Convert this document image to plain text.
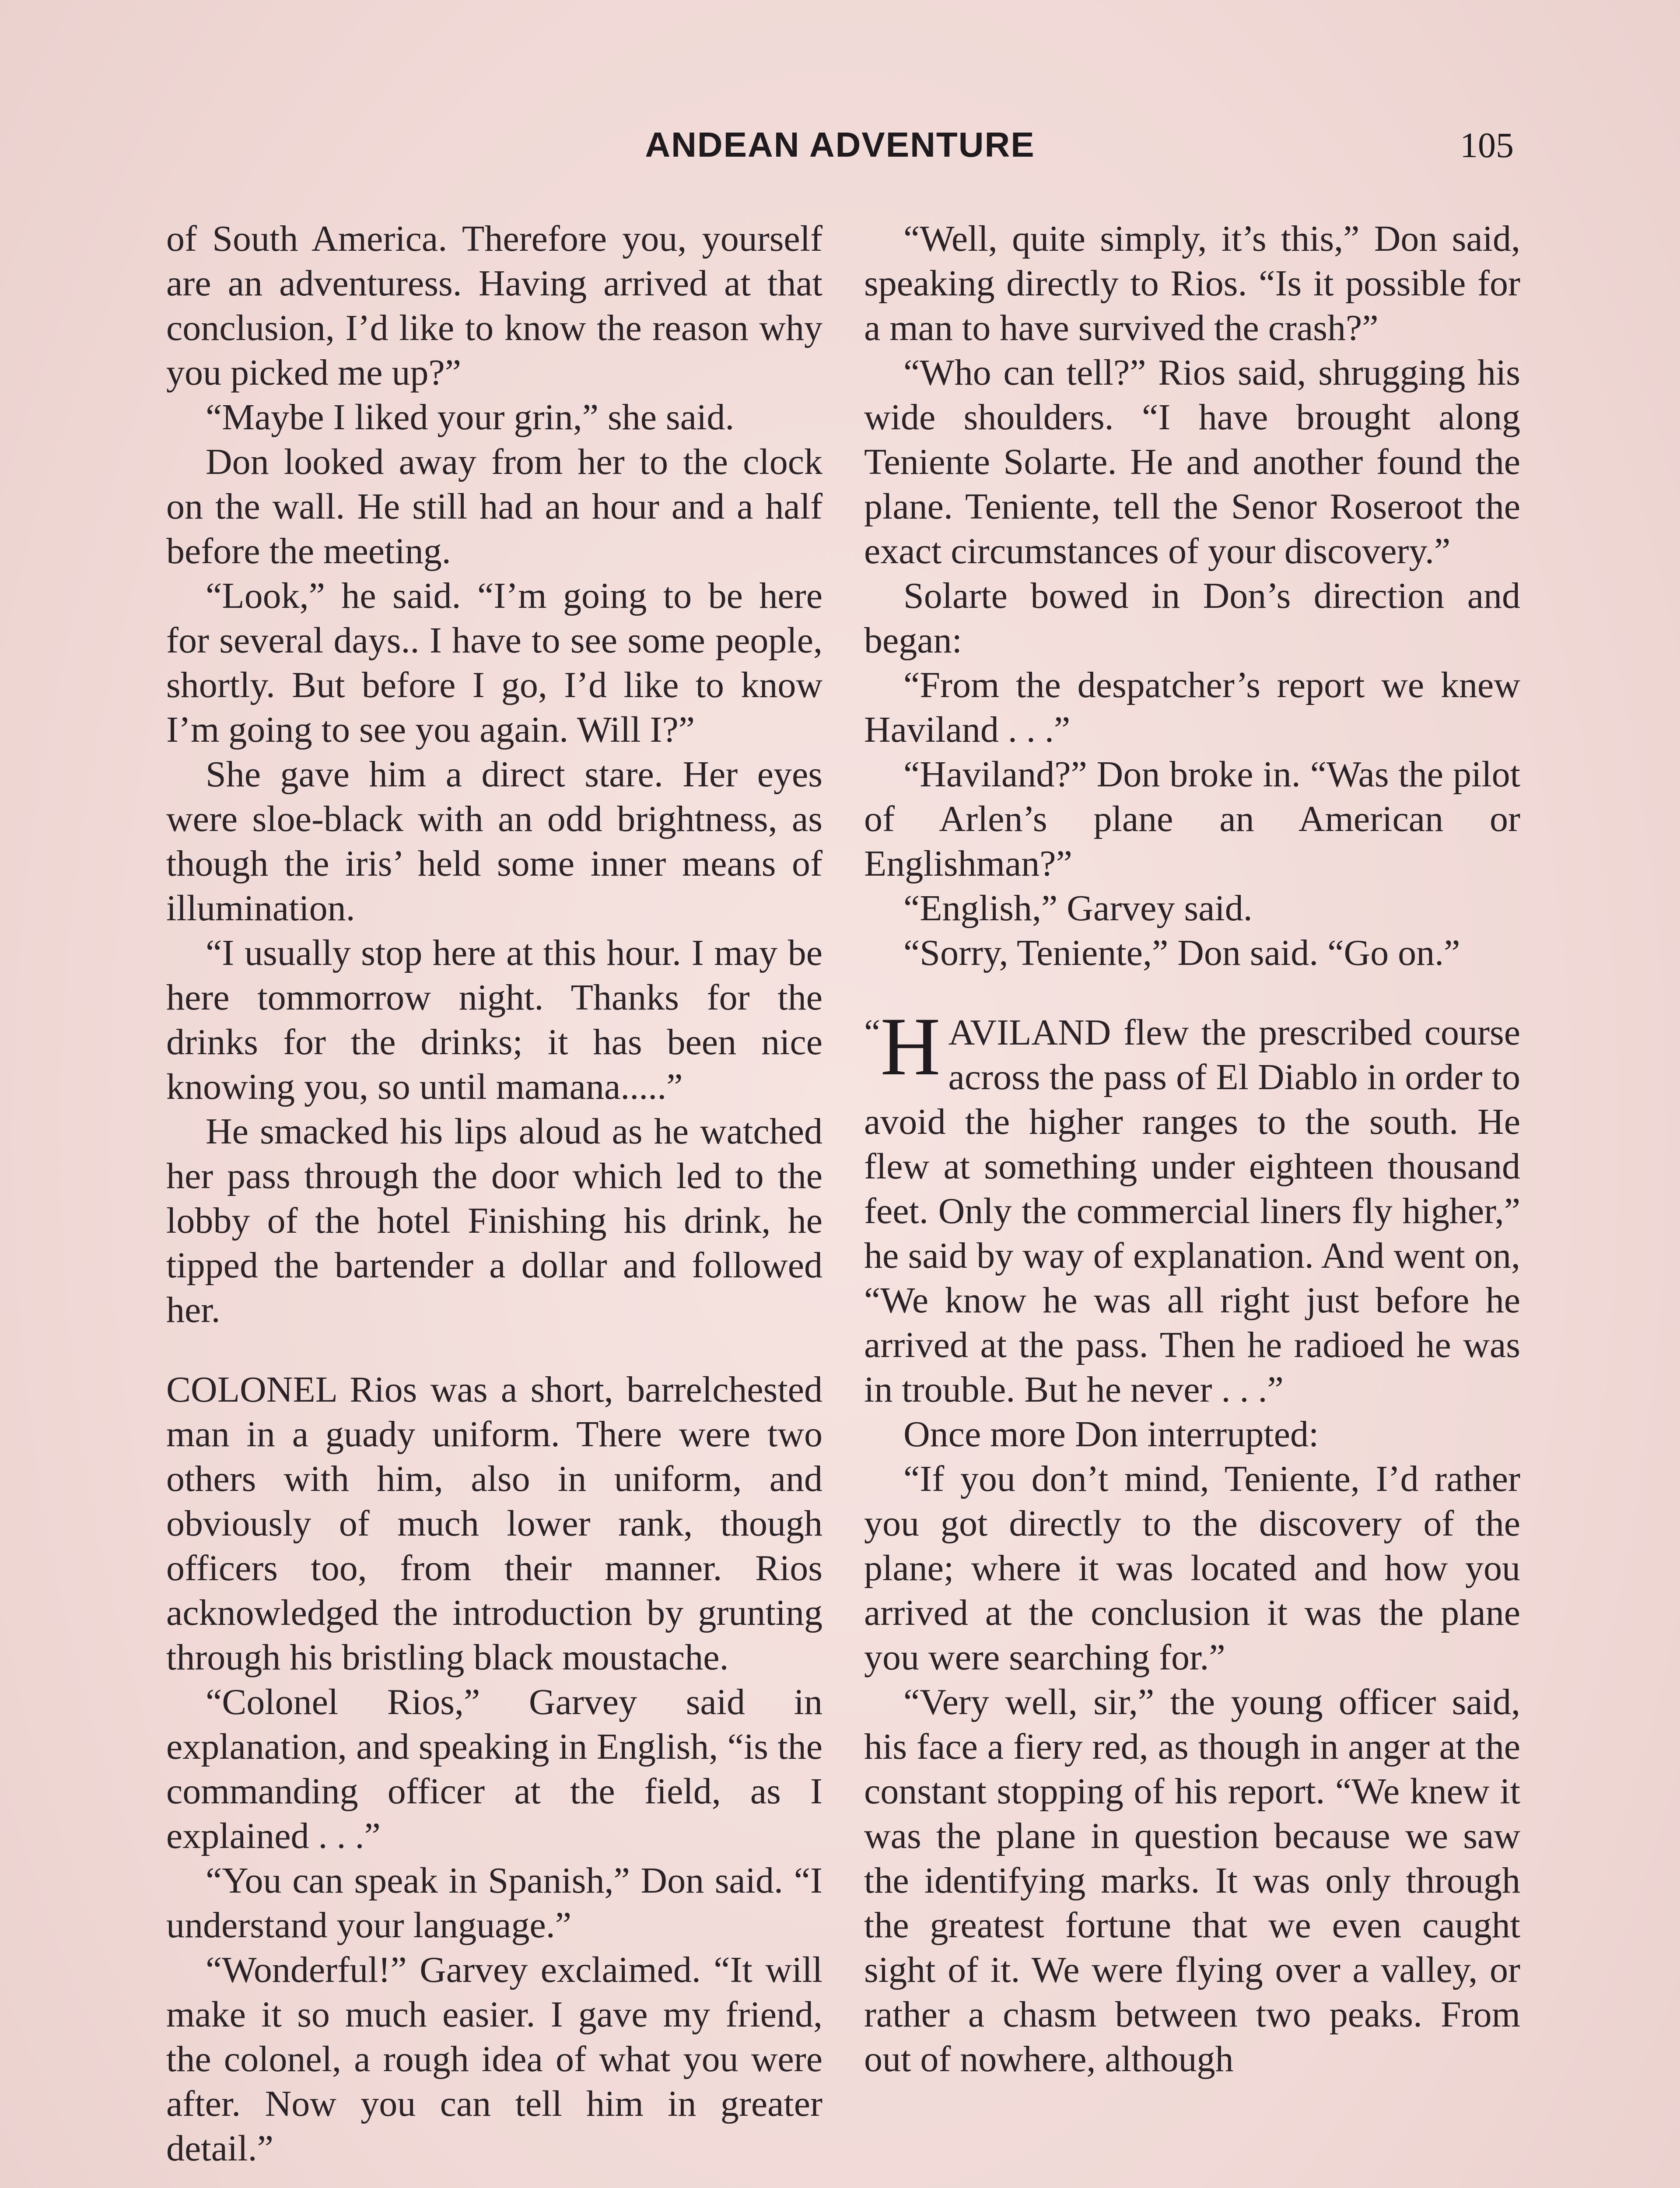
ANDEAN ADVENTURE	105

of South America. Therefore you, yourself are an adventuress. Having arrived at that conclusion, I’d like to know the reason why you picked me up?”

“Maybe I liked your grin,” she said.

Don looked away from her to the clock on the wall. He still had an hour and a half before the meeting.

“Look,” he said. “I’m going to be here for several days.. I have to see some people, shortly. But before I go, I’d like to know I’m going to see you again. Will I?”

She gave him a direct stare. Her eyes were sloe-black with an odd brightness, as though the iris’ held some inner means of illumination.

“I usually stop here at this hour. I may be here tommorrow night. Thanks for the drinks for the drinks; it has been nice knowing you, so until mamana.....”

He smacked his lips aloud as he watched her pass through the door which led to the lobby of the hotel Finishing his drink, he tipped the bartender a dollar and followed her.

COLONEL Rios was a short, barrelchested man in a guady uniform. There were two others with him, also in uniform, and obviously of much lower rank, though officers too, from their manner. Rios acknowledged the introduction by grunting through his bristling black moustache.

“Colonel Rios,” Garvey said in explanation, and speaking in English, “is the commanding officer at the field, as I explained . . .”

“You can speak in Spanish,” Don said. “I understand your language.”

“Wonderful!” Garvey exclaimed. “It will make it so much easier. I gave my friend, the colonel, a rough idea of what you were after. Now you can tell him in greater detail.”

“Well, quite simply, it’s this,” Don said, speaking directly to Rios. “Is it possible for a man to have survived the crash?”

“Who can tell?” Rios said, shrugging his wide shoulders. “I have brought along Teniente Solarte. He and another found the plane. Teniente, tell the Senor Roseroot the exact circumstances of your discovery.”

Solarte bowed in Don’s direction and began:

“From the despatcher’s report we knew Haviland . . .”

“Haviland?” Don broke in. “Was the pilot of Arlen’s plane an American or Englishman?”

“English,” Garvey said.

“Sorry, Teniente,” Don said. “Go on.”

“ H AVILAND flew the prescribed course across the pass of El Diablo in order to avoid the higher ranges to the south. He flew at something under eighteen thousand feet. Only the commercial liners fly higher,” he said by way of explanation. And went on, “We know he was all right just before he arrived at the pass. Then he radioed he was in trouble. But he never . . .”

Once more Don interrupted:

“If you don’t mind, Teniente, I’d rather you got directly to the discovery of the plane; where it was located and how you arrived at the conclusion it was the plane you were searching for.”

“Very well, sir,” the young officer said, his face a fiery red, as though in anger at the constant stopping of his report. “We knew it was the plane in question because we saw the identifying marks. It was only through the greatest fortune that we even caught sight of it. We were flying over a valley, or rather a chasm between two peaks. From out of nowhere, although
